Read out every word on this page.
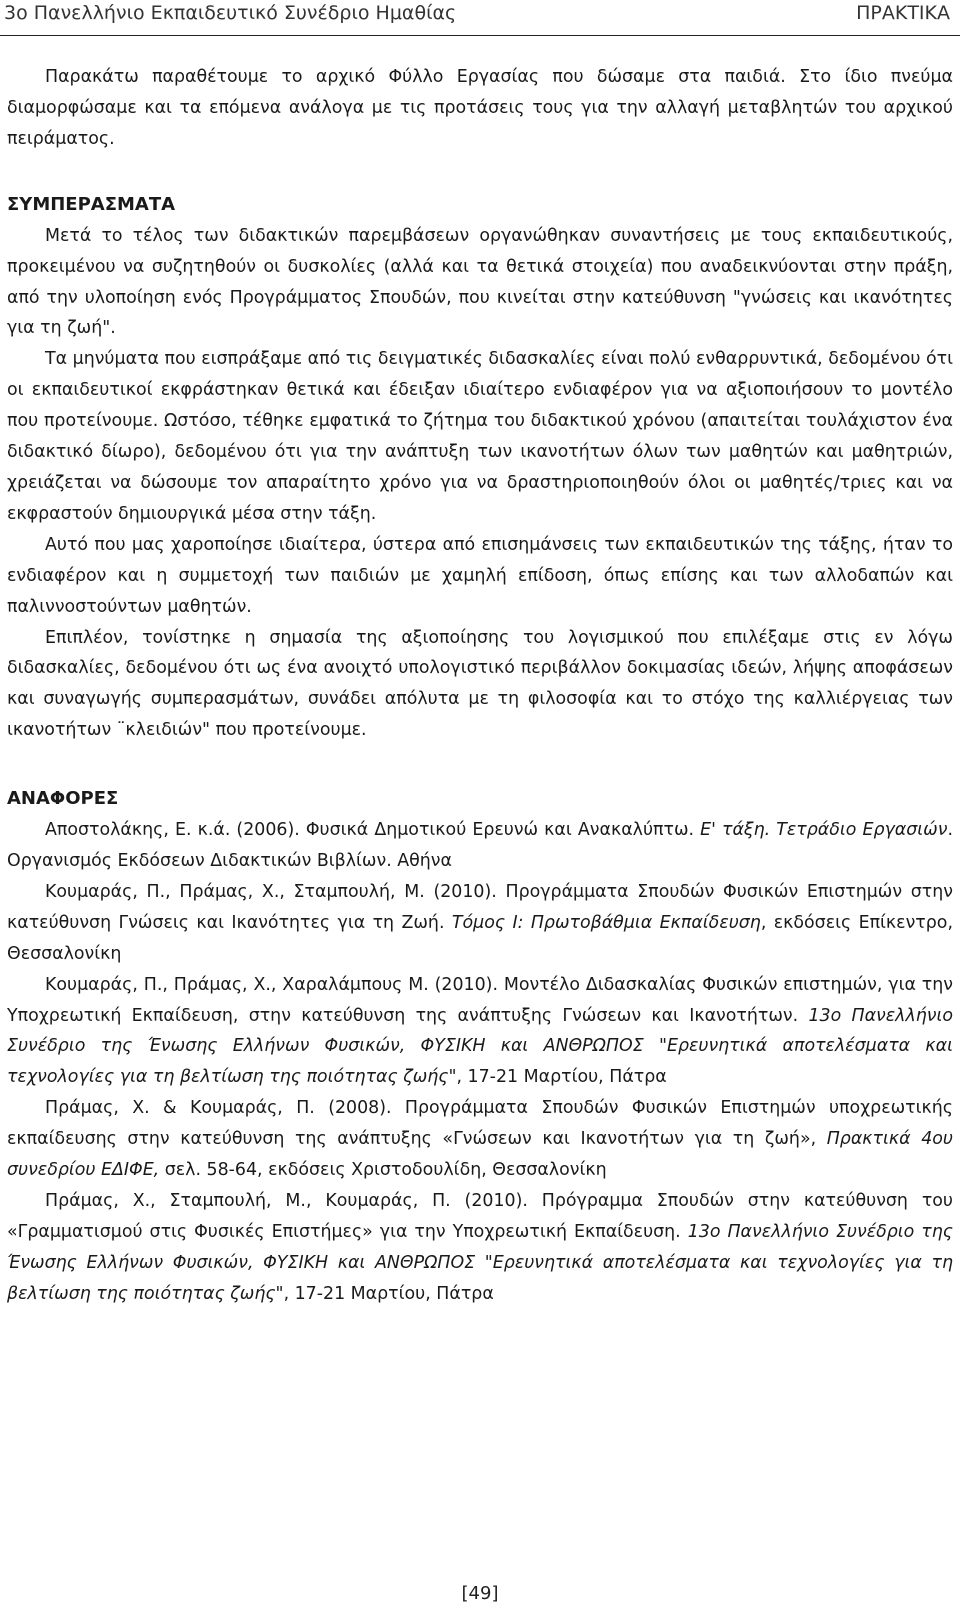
3ο Πανελλήνιο Εκπαιδευτικό Συνέδριο Ημαθίας	ΠΡΑΚΤΙΚΑ

Παρακάτω παραθέτουμε το αρχικό Φύλλο Εργασίας που δώσαμε στα παιδιά. Στο ίδιο πνεύμα διαμορφώσαμε και τα επόμενα ανάλογα με τις προτάσεις τους για την αλλαγή μεταβλητών του αρχικού πειράματος.

ΣΥΜΠΕΡΑΣΜΑΤΑ

Μετά το τέλος των διδακτικών παρεμβάσεων οργανώθηκαν συναντήσεις με τους εκπαιδευτικούς, προκειμένου να συζητηθούν οι δυσκολίες (αλλά και τα θετικά στοιχεία) που αναδεικνύονται στην πράξη, από την υλοποίηση ενός Προγράμματος Σπουδών, που κινείται στην κατεύθυνση "γνώσεις και ικανότητες για τη ζωή".

Τα μηνύματα που εισπράξαμε από τις δειγματικές διδασκαλίες είναι πολύ ενθαρρυντικά, δεδομένου ότι οι εκπαιδευτικοί εκφράστηκαν θετικά και έδειξαν ιδιαίτερο ενδιαφέρον για να αξιοποιήσουν το μοντέλο που προτείνουμε. Ωστόσο, τέθηκε εμφατικά το ζήτημα του διδακτικού χρόνου (απαιτείται τουλάχιστον ένα διδακτικό δίωρο), δεδομένου ότι για την ανάπτυξη των ικανοτήτων όλων των μαθητών και μαθητριών, χρειάζεται να δώσουμε τον απαραίτητο χρόνο για να δραστηριοποιηθούν όλοι οι μαθητές/τριες και να εκφραστούν δημιουργικά μέσα στην τάξη.

Αυτό που μας χαροποίησε ιδιαίτερα, ύστερα από επισημάνσεις των εκπαιδευτικών της τάξης, ήταν το ενδιαφέρον και η συμμετοχή των παιδιών με χαμηλή επίδοση, όπως επίσης και των αλλοδαπών και παλιννοστούντων μαθητών.

Επιπλέον, τονίστηκε η σημασία της αξιοποίησης του λογισμικού που επιλέξαμε στις εν λόγω διδασκαλίες, δεδομένου ότι ως ένα ανοιχτό υπολογιστικό περιβάλλον δοκιμασίας ιδεών, λήψης αποφάσεων και συναγωγής συμπερασμάτων, συνάδει απόλυτα με τη φιλοσοφία και το στόχο της καλλιέργειας των ικανοτήτων ¨κλειδιών" που προτείνουμε.

ΑΝΑΦΟΡΕΣ

Αποστολάκης, Ε. κ.ά. (2006). Φυσικά Δημοτικού Ερευνώ και Ανακαλύπτω. Ε' τάξη. Τετράδιο Εργασιών. Οργανισμός Εκδόσεων Διδακτικών Βιβλίων. Αθήνα

Κουμαράς, Π., Πράμας, Χ., Σταμπουλή, Μ. (2010). Προγράμματα Σπουδών Φυσικών Επιστημών στην κατεύθυνση Γνώσεις και Ικανότητες για τη Ζωή. Τόμος Ι: Πρωτοβάθμια Εκπαίδευση, εκδόσεις Επίκεντρο, Θεσσαλονίκη

Κουμαράς, Π., Πράμας, Χ., Χαραλάμπους Μ. (2010). Μοντέλο Διδασκαλίας Φυσικών επιστημών, για την Υποχρεωτική Εκπαίδευση, στην κατεύθυνση της ανάπτυξης Γνώσεων και Ικανοτήτων. 13ο Πανελλήνιο Συνέδριο της Ένωσης Ελλήνων Φυσικών, ΦΥΣΙΚΗ και ΑΝΘΡΩΠΟΣ "Ερευνητικά αποτελέσματα και τεχνολογίες για τη βελτίωση της ποιότητας ζωής", 17-21 Μαρτίου, Πάτρα

Πράμας, Χ. & Κουμαράς, Π. (2008). Προγράμματα Σπουδών Φυσικών Επιστημών υποχρεωτικής εκπαίδευσης στην κατεύθυνση της ανάπτυξης «Γνώσεων και Ικανοτήτων για τη ζωή», Πρακτικά 4ου συνεδρίου ΕΔΙΦΕ, σελ. 58-64, εκδόσεις Χριστοδουλίδη, Θεσσαλονίκη

Πράμας, Χ., Σταμπουλή, Μ., Κουμαράς, Π. (2010). Πρόγραμμα Σπουδών στην κατεύθυνση του «Γραμματισμού στις Φυσικές Επιστήμες» για την Υποχρεωτική Εκπαίδευση. 13ο Πανελλήνιο Συνέδριο της Ένωσης Ελλήνων Φυσικών, ΦΥΣΙΚΗ και ΑΝΘΡΩΠΟΣ "Ερευνητικά αποτελέσματα και τεχνολογίες για τη βελτίωση της ποιότητας ζωής", 17-21 Μαρτίου, Πάτρα

[49]
